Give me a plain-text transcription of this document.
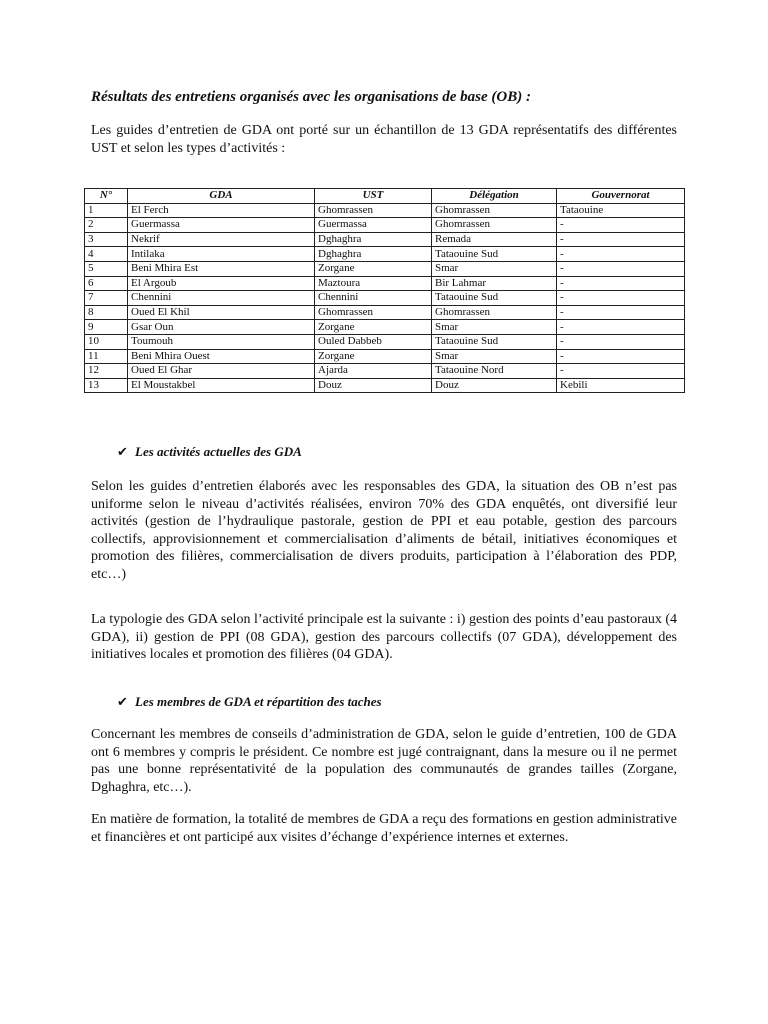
Résultats des entretiens organisés avec les organisations de base (OB) :

Les guides d’entretien de GDA ont porté sur un échantillon de 13 GDA représentatifs des différentes UST et selon les types d’activités :

N°	GDA	UST	Délégation	Gouvernorat
1	El Ferch	Ghomrassen	Ghomrassen	Tataouine
2	Guermassa	Guermassa	Ghomrassen	-
3	Nekrif	Dghaghra	Remada	-
4	Intilaka	Dghaghra	Tataouine Sud	-
5	Beni Mhira Est	Zorgane	Smar	-
6	El Argoub	Maztoura	Bir Lahmar	-
7	Chennini	Chennini	Tataouine Sud	-
8	Oued El Khil	Ghomrassen	Ghomrassen	-
9	Gsar Oun	Zorgane	Smar	-
10	Toumouh	Ouled Dabbeb	Tataouine Sud	-
11	Beni Mhira Ouest	Zorgane	Smar	-
12	Oued El Ghar	Ajarda	Tataouine Nord	-
13	El Moustakbel	Douz	Douz	Kebili
✔ Les activités actuelles des GDA

Selon les guides d’entretien élaborés avec les responsables des GDA, la situation des OB n’est pas uniforme selon le niveau d’activités réalisées, environ 70% des GDA enquêtés, ont diversifié leur activités (gestion de l’hydraulique pastorale, gestion de PPI et eau potable, gestion des parcours collectifs, approvisionnement et commercialisation d’aliments de bétail, initiatives économiques et promotion des filières, commercialisation de divers produits, participation à l’élaboration des PDP, etc…)

La typologie des GDA selon l’activité principale est la suivante : i) gestion des points d’eau pastoraux (4 GDA), ii) gestion de PPI (08 GDA), gestion des parcours collectifs (07 GDA), développement des initiatives locales et promotion des filières (04 GDA).

✔ Les membres de GDA et répartition des taches

Concernant les membres de conseils d’administration de GDA, selon le guide d’entretien, 100 de GDA ont 6 membres y compris le président. Ce nombre est jugé contraignant, dans la mesure ou il ne permet pas une bonne représentativité de la population des communautés de grandes tailles (Zorgane, Dghaghra, etc…).

En matière de formation, la totalité de membres de GDA a reçu des formations en gestion administrative et financières et ont participé aux visites d’échange d’expérience internes et externes.
